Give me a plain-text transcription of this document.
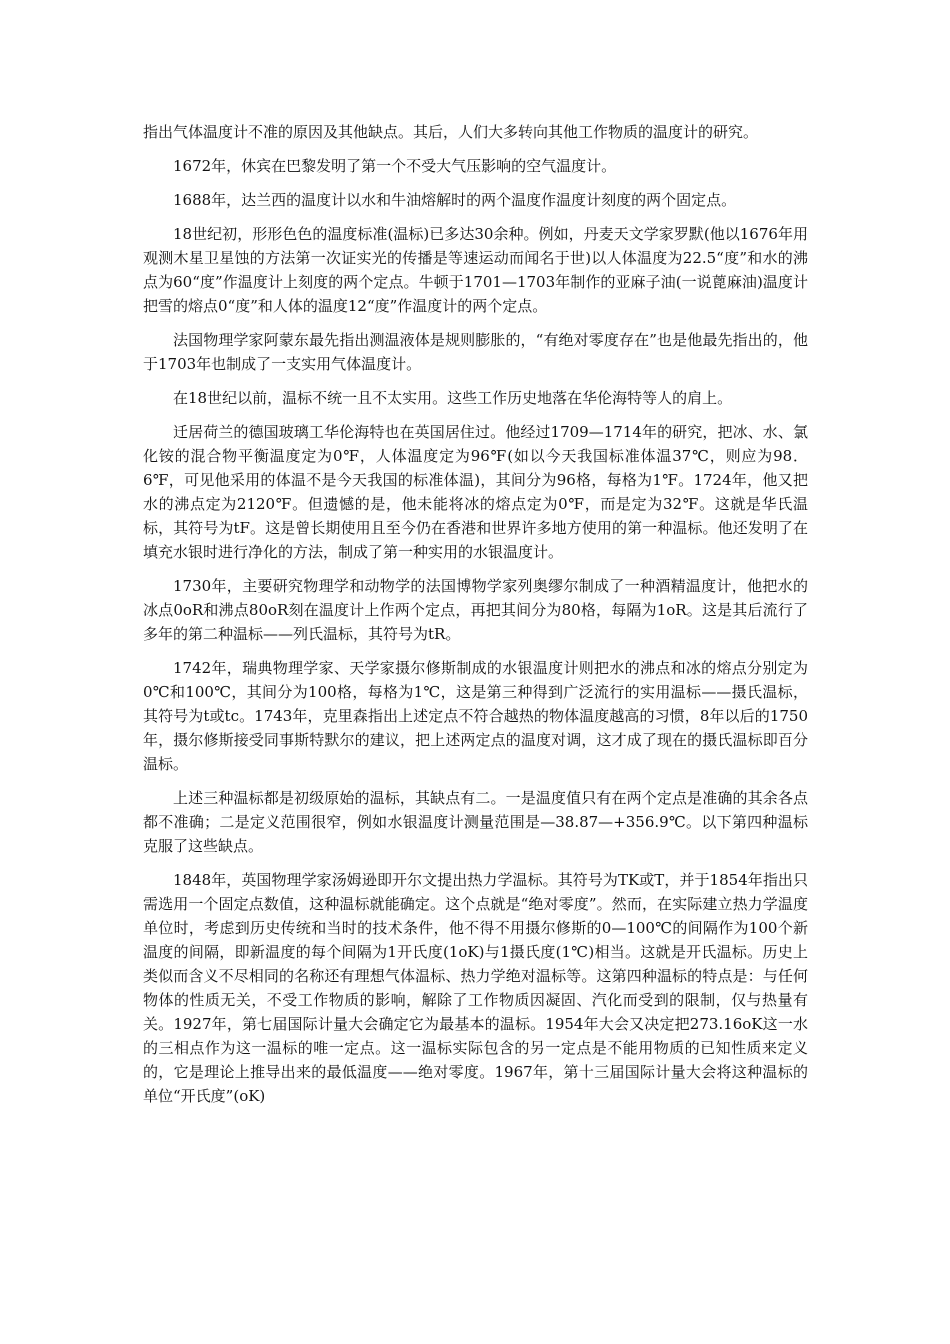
指出气体温度计不准的原因及其他缺点。其后，人们大多转向其他工作物质的温度计的研究。

1672年，休宾在巴黎发明了第一个不受大气压影响的空气温度计。

1688年，达兰西的温度计以水和牛油熔解时的两个温度作温度计刻度的两个固定点。

18世纪初，形形色色的温度标准(温标)已多达30余种。例如，丹麦天文学家罗默(他以1676年用观测木星卫星蚀的方法第一次证实光的传播是等速运动而闻名于世)以人体温度为22.5“度”和水的沸点为60“度”作温度计上刻度的两个定点。牛顿于1701—1703年制作的亚麻子油(一说蓖麻油)温度计把雪的熔点0“度”和人体的温度12“度”作温度计的两个定点。

法国物理学家阿蒙东最先指出测温液体是规则膨胀的，“有绝对零度存在”也是他最先指出的，他于1703年也制成了一支实用气体温度计。

在18世纪以前，温标不统一且不太实用。这些工作历史地落在华伦海特等人的肩上。

迁居荷兰的德国玻璃工华伦海特也在英国居住过。他经过1709—1714年的研究，把冰、水、氯化铵的混合物平衡温度定为0℉，人体温度定为96℉(如以今天我国标准体温37℃，则应为98．6℉，可见他采用的体温不是今天我国的标准体温)，其间分为96格，每格为1℉。1724年，他又把水的沸点定为2120℉。但遗憾的是，他未能将冰的熔点定为0℉，而是定为32℉。这就是华氏温标，其符号为tF。这是曾长期使用且至今仍在香港和世界许多地方使用的第一种温标。他还发明了在填充水银时进行净化的方法，制成了第一种实用的水银温度计。

1730年，主要研究物理学和动物学的法国博物学家列奥缪尔制成了一种酒精温度计，他把水的冰点0oR和沸点80oR刻在温度计上作两个定点，再把其间分为80格，每隔为1oR。这是其后流行了多年的第二种温标——列氏温标，其符号为tR。

1742年，瑞典物理学家、天学家摄尔修斯制成的水银温度计则把水的沸点和冰的熔点分别定为0℃和100℃，其间分为100格，每格为1℃，这是第三种得到广泛流行的实用温标——摄氏温标，其符号为t或tc。1743年，克里森指出上述定点不符合越热的物体温度越高的习惯，8年以后的1750年，摄尔修斯接受同事斯特默尔的建议，把上述两定点的温度对调，这才成了现在的摄氏温标即百分温标。

上述三种温标都是初级原始的温标，其缺点有二。一是温度值只有在两个定点是准确的其余各点都不准确；二是定义范围很窄，例如水银温度计测量范围是—38.87—+356.9℃。以下第四种温标克服了这些缺点。

1848年，英国物理学家汤姆逊即开尔文提出热力学温标。其符号为TK或T，并于1854年指出只需选用一个固定点数值，这种温标就能确定。这个点就是“绝对零度”。然而，在实际建立热力学温度单位时，考虑到历史传统和当时的技术条件，他不得不用摄尔修斯的0—100℃的间隔作为100个新温度的间隔，即新温度的每个间隔为1开氏度(1oK)与1摄氏度(1℃)相当。这就是开氏温标。历史上类似而含义不尽相同的名称还有理想气体温标、热力学绝对温标等。这第四种温标的特点是：与任何物体的性质无关，不受工作物质的影响，解除了工作物质因凝固、汽化而受到的限制，仅与热量有关。1927年，第七届国际计量大会确定它为最基本的温标。1954年大会又决定把273.16oK这一水的三相点作为这一温标的唯一定点。这一温标实际包含的另一定点是不能用物质的已知性质来定义的，它是理论上推导出来的最低温度——绝对零度。1967年，第十三届国际计量大会将这种温标的单位“开氏度”(oK)
